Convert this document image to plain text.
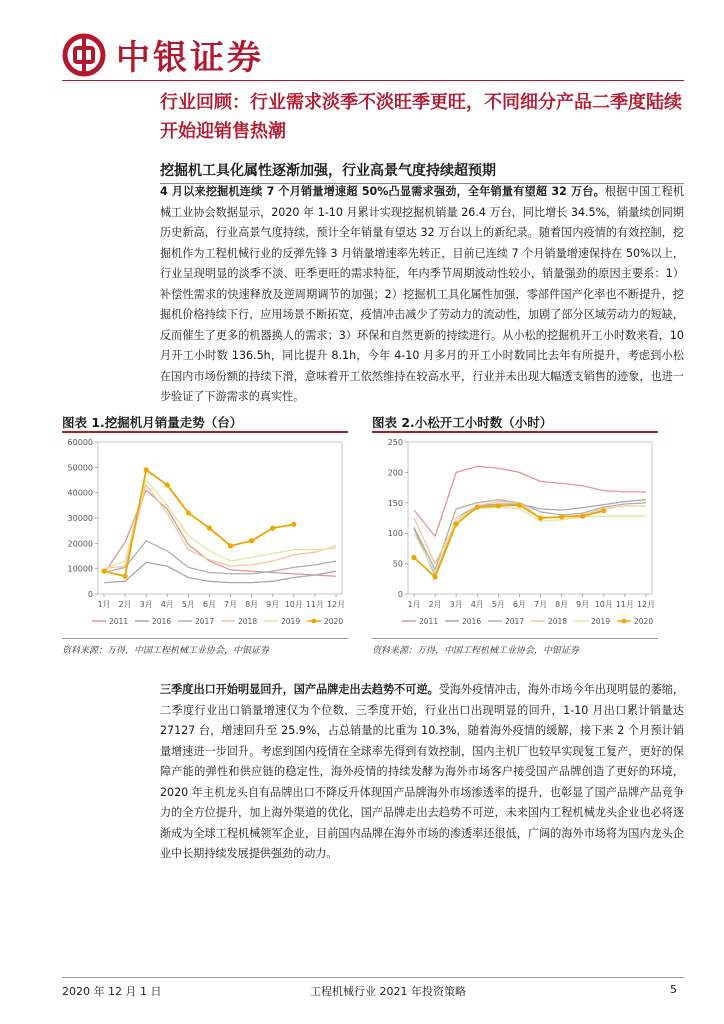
中银证券
行业回顾：行业需求淡季不淡旺季更旺，不同细分产品二季度陆续开始迎销售热潮
挖掘机工具化属性逐渐加强，行业高景气度持续超预期

4 月以来挖掘机连续 7 个月销量增速超 50%凸显需求强劲，全年销量有望超 32 万台。根据中国工程机械工业协会数据显示，2020 年 1-10 月累计实现挖掘机销量 26.4 万台，同比增长 34.5%，销量续创同期历史新高，行业高景气度持续，预计全年销量有望达 32 万台以上的新纪录。随着国内疫情的有效控制，挖掘机作为工程机械行业的反弹先锋 3 月销量增速率先转正，目前已连续 7 个月销量增速保持在 50%以上，行业呈现明显的淡季不淡、旺季更旺的需求特征，年内季节周期波动性较小，销量强劲的原因主要系：1）补偿性需求的快速释放及逆周期调节的加强；2）挖掘机工具化属性加强，零部件国产化率也不断提升，挖掘机价格持续下行，应用场景不断拓宽，疫情冲击减少了劳动力的流动性，加剧了部分区域劳动力的短缺，反而催生了更多的机器换人的需求；3）环保和自然更新的持续进行。从小松的挖掘机开工小时数来看，10 月开工小时数 136.5h，同比提升 8.1h，今年 4-10 月多月的开工小时数同比去年有所提升，考虑到小松在国内市场份额的持续下滑，意味着开工依然维持在较高水平，行业并未出现大幅透支销售的迹象，也进一步验证了下游需求的真实性。

图表 1.挖掘机月销量走势（台）	图表 2.小松开工小时数（小时）
0
10000
20000
30000
40000
50000
60000
1月 2月 3月 4月 5月 6月 7月 8月 9月 10月 11月 12月
2011	2016	2017	2018	2019	2020
0
50
100
150
200
250
1月 2月 3月 4月 5月 6月 7月 8月 9月 10月 11月 12月
2011	2016	2017	2018	2019	2020
资料来源：万得，中国工程机械工业协会，中银证券	资料来源：万得，中国工程机械工业协会，中银证券

三季度出口开始明显回升，国产品牌走出去趋势不可逆。受海外疫情冲击，海外市场今年出现明显的萎缩，二季度行业出口销量增速仅为个位数，三季度开始，行业出口出现明显的回升，1-10 月出口累计销量达 27127 台，增速回升至 25.9%，占总销量的比重为 10.3%，随着海外疫情的缓解，接下来 2 个月预计销量增速进一步回升。考虑到国内疫情在全球率先得到有效控制，国内主机厂也较早实现复工复产，更好的保障产能的弹性和供应链的稳定性，海外疫情的持续发酵为海外市场客户接受国产品牌创造了更好的环境，2020 年主机龙头自有品牌出口不降反升体现国产品牌海外市场渗透率的提升，也彰显了国产品牌产品竞争力的全方位提升，加上海外渠道的优化，国产品牌走出去趋势不可逆，未来国内工程机械龙头企业也必将逐渐成为全球工程机械领军企业，目前国内品牌在海外市场的渗透率还很低，广阔的海外市场将为国内龙头企业中长期持续发展提供强劲的动力。

2020 年 12 月 1 日	工程机械行业 2021 年投资策略	5
